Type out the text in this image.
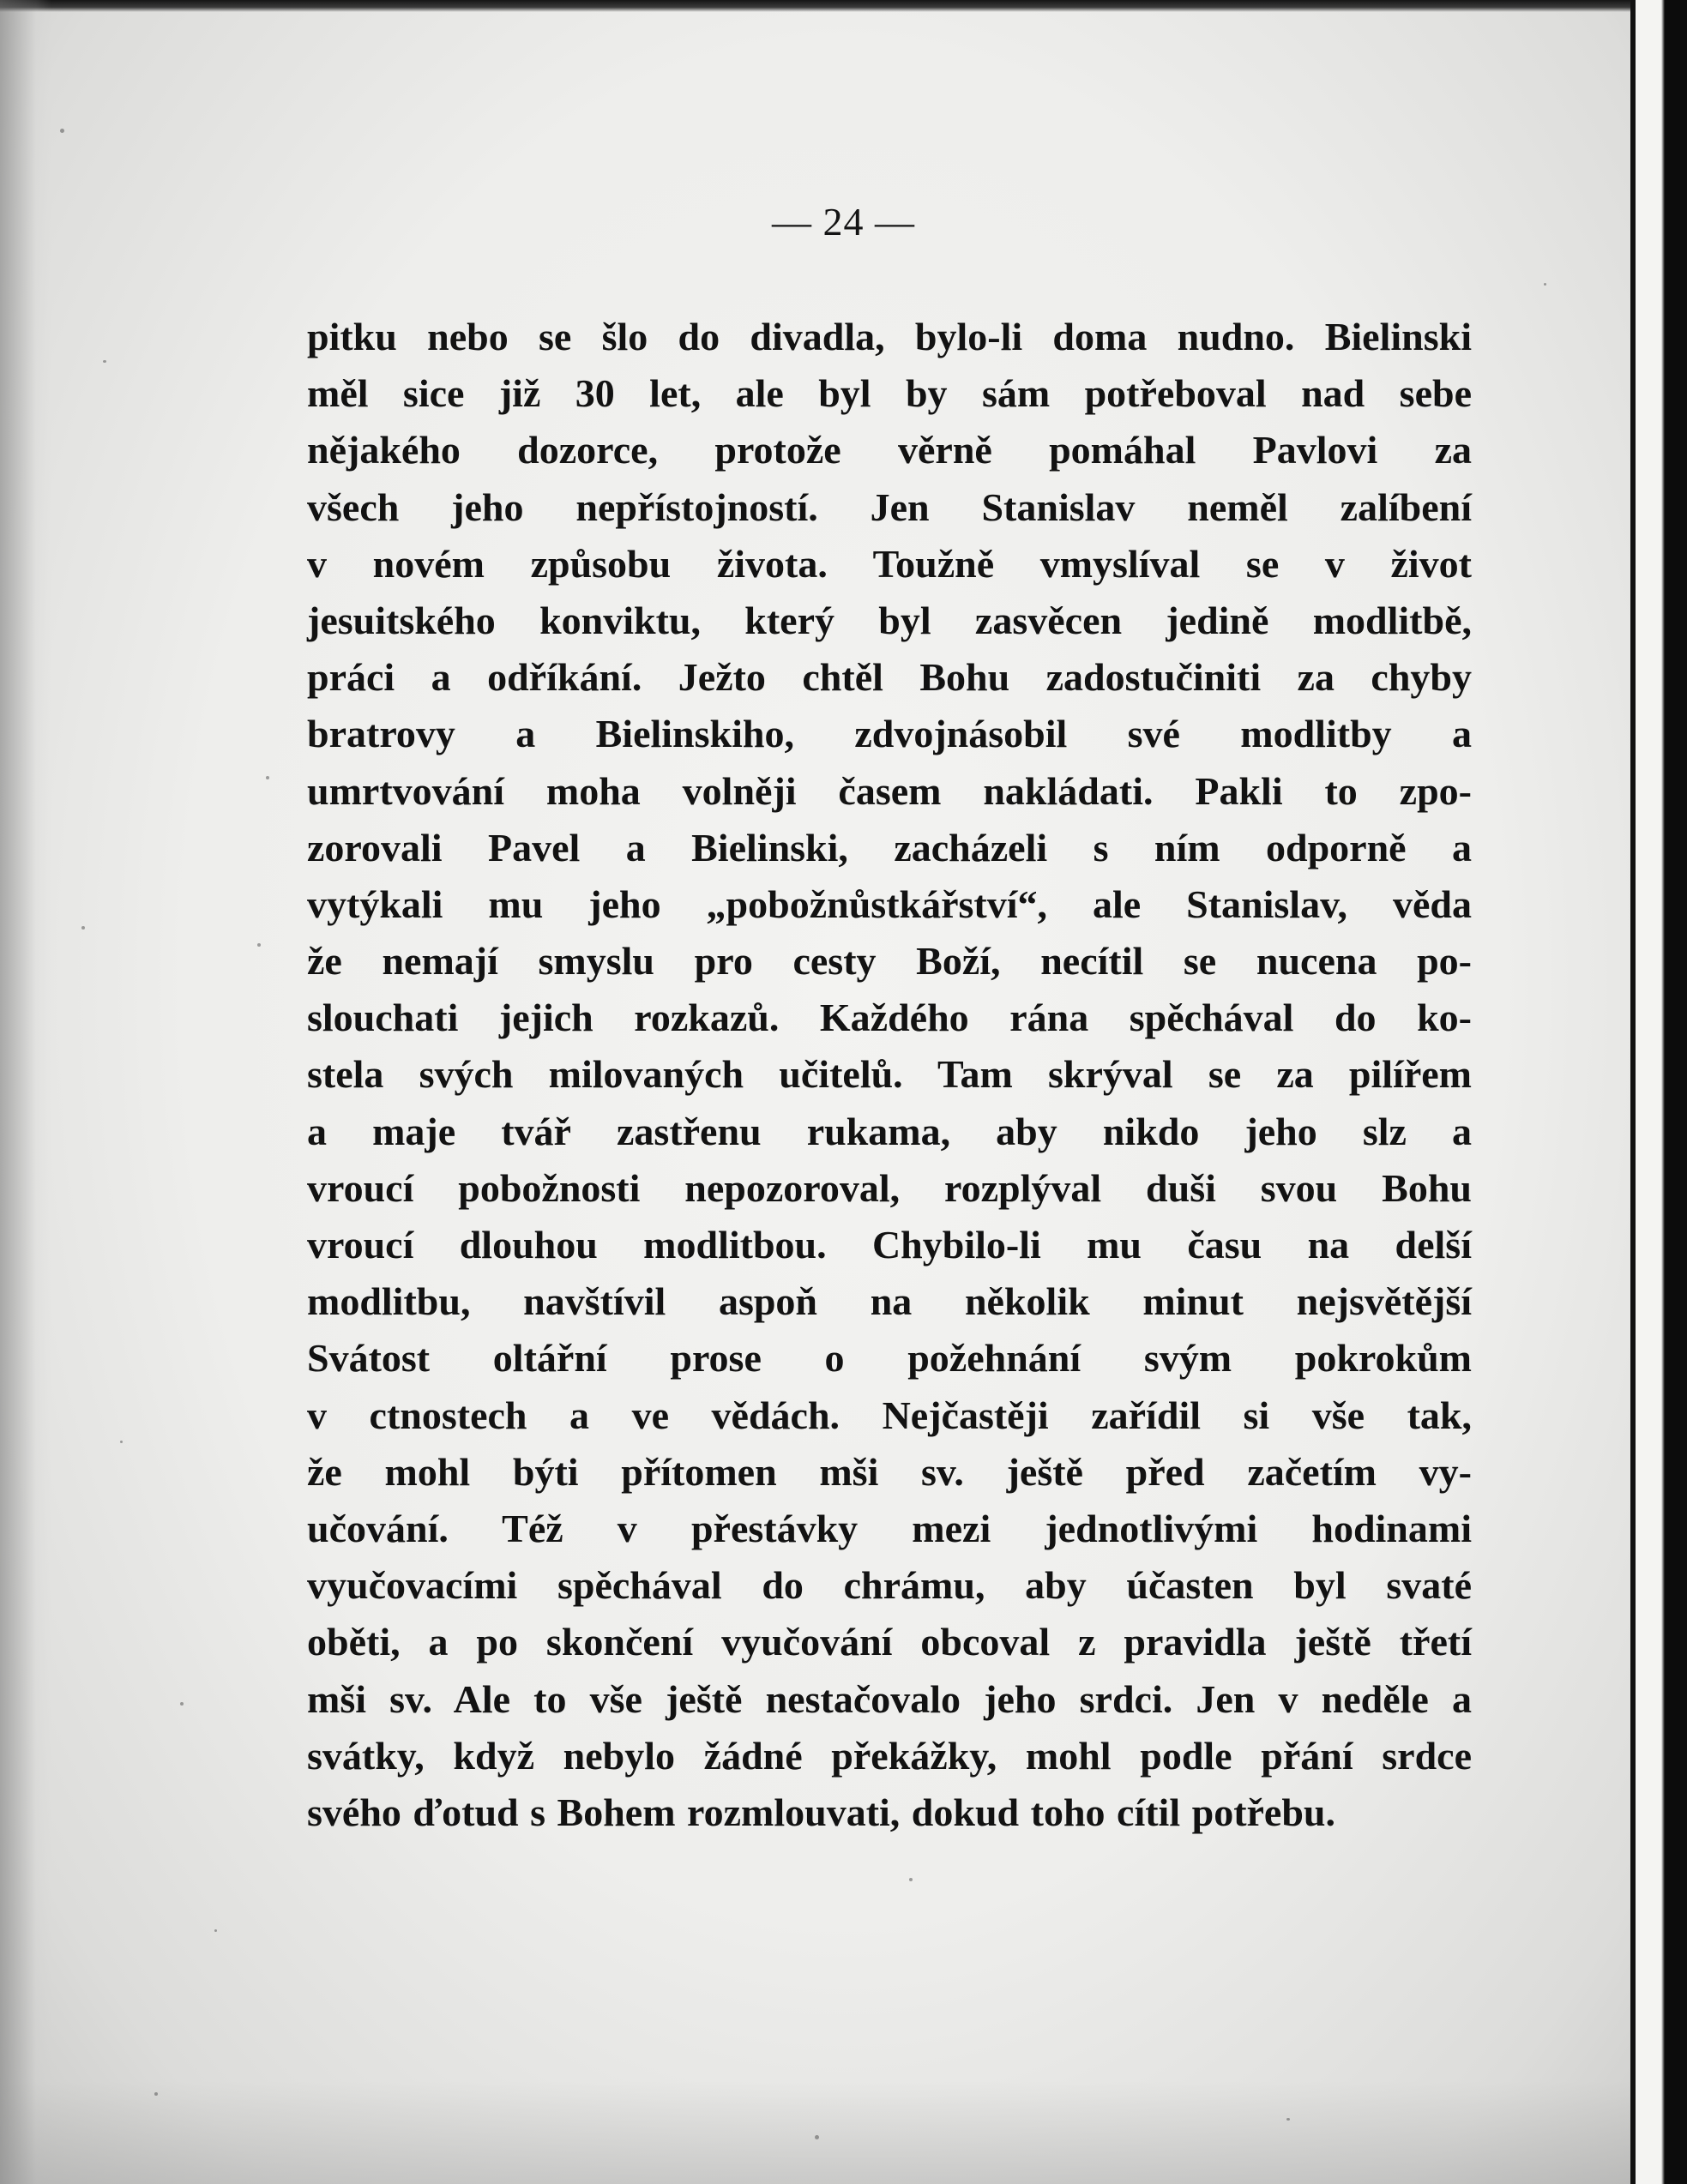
— 24 —
pitku nebo se šlo do divadla, bylo-li doma nudno. Bielinski
měl sice již 30 let, ale byl by sám potřeboval nad sebe
nějakého dozorce, protože věrně pomáhal Pavlovi za
všech jeho nepřístojností. Jen Stanislav neměl zalíbení
v novém způsobu života. Toužně vmyslíval se v život
jesuitského konviktu, který byl zasvěcen jedině modlitbě,
práci a odříkání. Ježto chtěl Bohu zadostučiniti za chyby
bratrovy a Bielinskiho, zdvojnásobil své modlitby a
umrtvování moha volněji časem nakládati. Pakli to zpo-
zorovali Pavel a Bielinski, zacházeli s ním odporně a
vytýkali mu jeho „pobožnůstkářství“, ale Stanislav, věda
že nemají smyslu pro cesty Boží, necítil se nucena po-
slouchati jejich rozkazů. Každého rána spěchával do ko-
stela svých milovaných učitelů. Tam skrýval se za pilířem
a maje tvář zastřenu rukama, aby nikdo jeho slz a
vroucí pobožnosti nepozoroval, rozplýval duši svou Bohu
vroucí dlouhou modlitbou. Chybilo-li mu času na delší
modlitbu, navštívil aspoň na několik minut nejsvětější
Svátost oltářní prose o požehnání svým pokrokům
v ctnostech a ve vědách. Nejčastěji zařídil si vše tak,
že mohl býti přítomen mši sv. ještě před začetím vy-
učování. Též v přestávky mezi jednotlivými hodinami
vyučovacími spěchával do chrámu, aby účasten byl svaté
oběti, a po skončení vyučování obcoval z pravidla ještě třetí
mši sv. Ale to vše ještě nestačovalo jeho srdci. Jen v neděle a
svátky, když nebylo žádné překážky, mohl podle přání srdce
svého ďotud s Bohem rozmlouvati, dokud toho cítil potřebu.
